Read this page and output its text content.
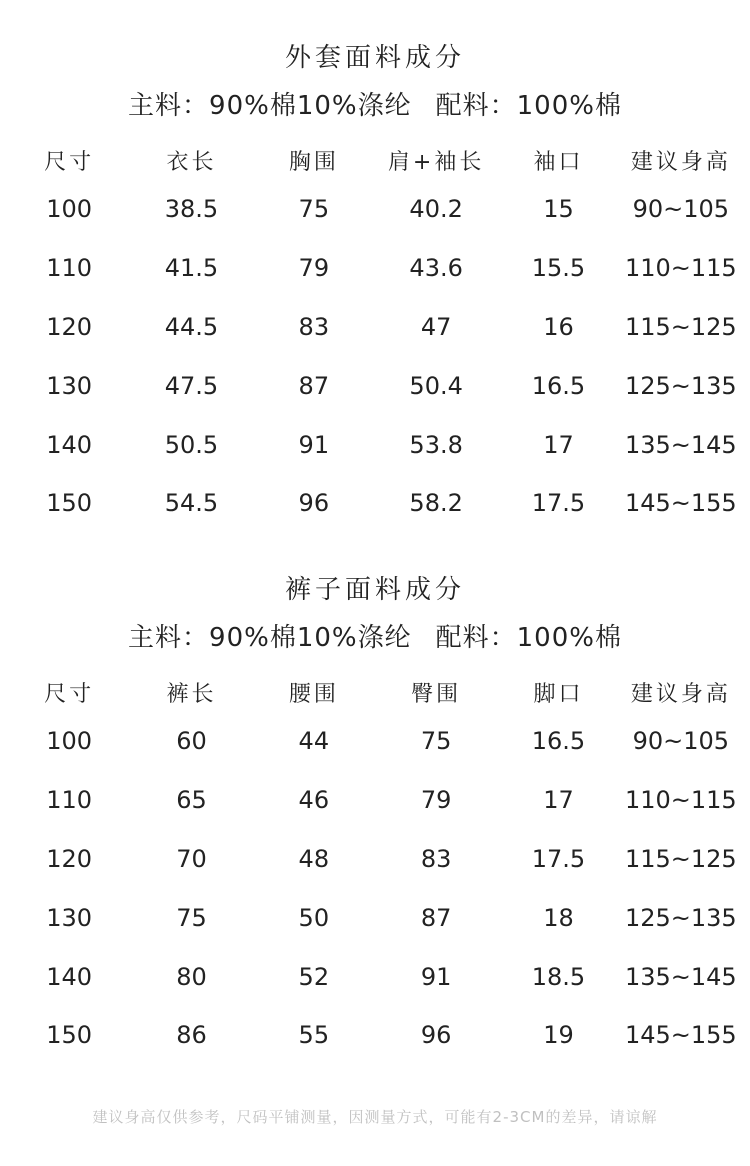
外套面料成分
主料：90%棉10%涤纶 配料：100%棉
尺寸	衣长	胸围	肩+袖长	袖口	建议身高
100	38.5	75	40.2	15	90~105
110	41.5	79	43.6	15.5	110~115
120	44.5	83	47	16	115~125
130	47.5	87	50.4	16.5	125~135
140	50.5	91	53.8	17	135~145
150	54.5	96	58.2	17.5	145~155
裤子面料成分
主料：90%棉10%涤纶 配料：100%棉
尺寸	裤长	腰围	臀围	脚口	建议身高
100	60	44	75	16.5	90~105
110	65	46	79	17	110~115
120	70	48	83	17.5	115~125
130	75	50	87	18	125~135
140	80	52	91	18.5	135~145
150	86	55	96	19	145~155
建议身高仅供参考，尺码平铺测量，因测量方式，可能有2-3CM的差异，请谅解
